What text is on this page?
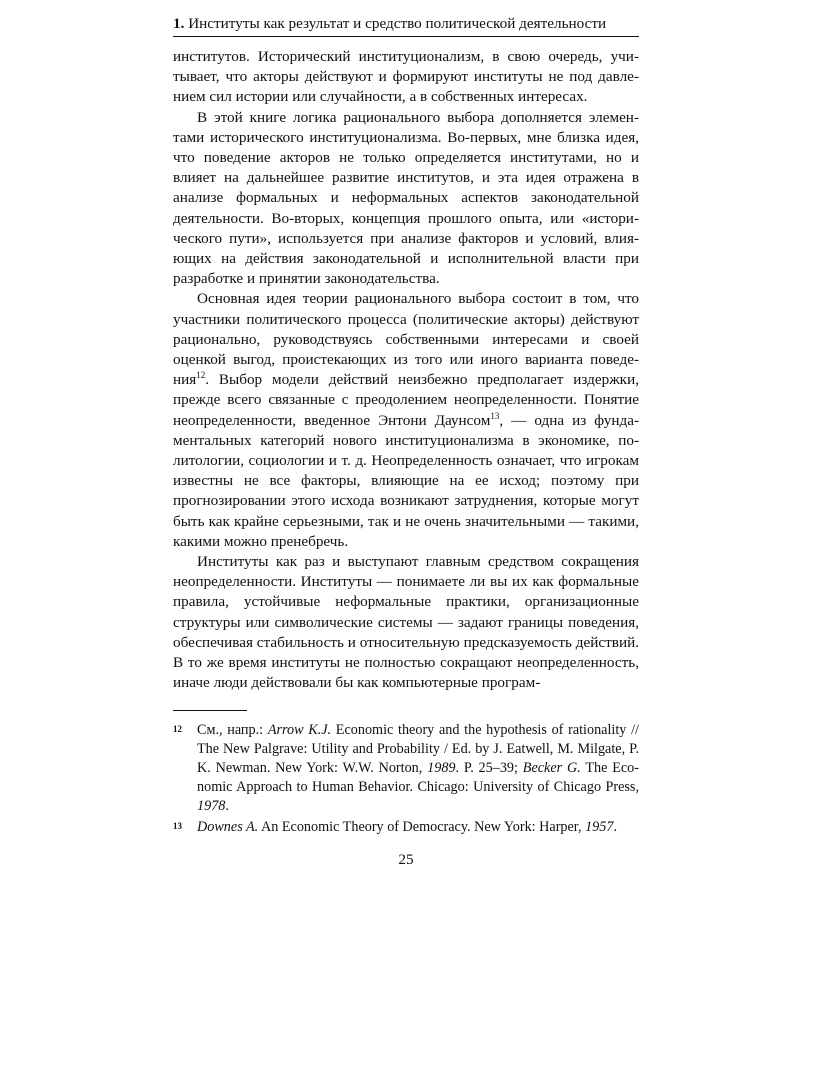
1. Институты как результат и средство политической деятельности

институтов. Исторический институционализм, в свою очередь, учитывает, что акторы действуют и формируют институты не под давлением сил истории или случайности, а в собственных интересах.

В этой книге логика рационального выбора дополняется элементами исторического институционализма. Во-первых, мне близка идея, что поведение акторов не только определяется институтами, но и влияет на дальнейшее развитие институтов, и эта идея отражена в анализе формальных и неформальных аспектов законодательной деятельности. Во-вторых, концепция прошлого опыта, или «исторического пути», используется при анализе факторов и условий, влияющих на действия законодательной и исполнительной власти при разработке и принятии законодательства.

Основная идея теории рационального выбора состоит в том, что участники политического процесса (политические акторы) действуют рационально, руководствуясь собственными интересами и своей оценкой выгод, проистекающих из того или иного варианта поведения$^{12}$. Выбор модели действий неизбежно предполагает издержки, прежде всего связанные с преодолением неопределенности. Понятие неопределенности, введенное Энтони Даунсом$^{13}$, — одна из фундаментальных категорий нового институционализма в экономике, политологии, социологии и т. д. Неопределенность означает, что игрокам известны не все факторы, влияющие на ее исход; поэтому при прогнозировании этого исхода возникают затруднения, которые могут быть как крайне серьезными, так и не очень значительными — такими, какими можно пренебречь.

Институты как раз и выступают главным средством сокращения неопределенности. Институты — понимаете ли вы их как формальные правила, устойчивые неформальные практики, организационные структуры или символические системы — задают границы поведения, обеспечивая стабильность и относительную предсказуемость действий. В то же время институты не полностью сокращают неопределенность, иначе люди действовали бы как компьютерные програм-

12 См., напр.: Arrow K.J. Economic theory and the hypothesis of rationality // The New Palgrave: Utility and Probability / Ed. by J. Eatwell, M. Milgate, P. K. Newman. New York: W.W. Norton, 1989. P. 25–39; Becker G. The Economic Approach to Human Behavior. Chicago: University of Chicago Press, 1978.

13 Downes A. An Economic Theory of Democracy. New York: Harper, 1957.

25
